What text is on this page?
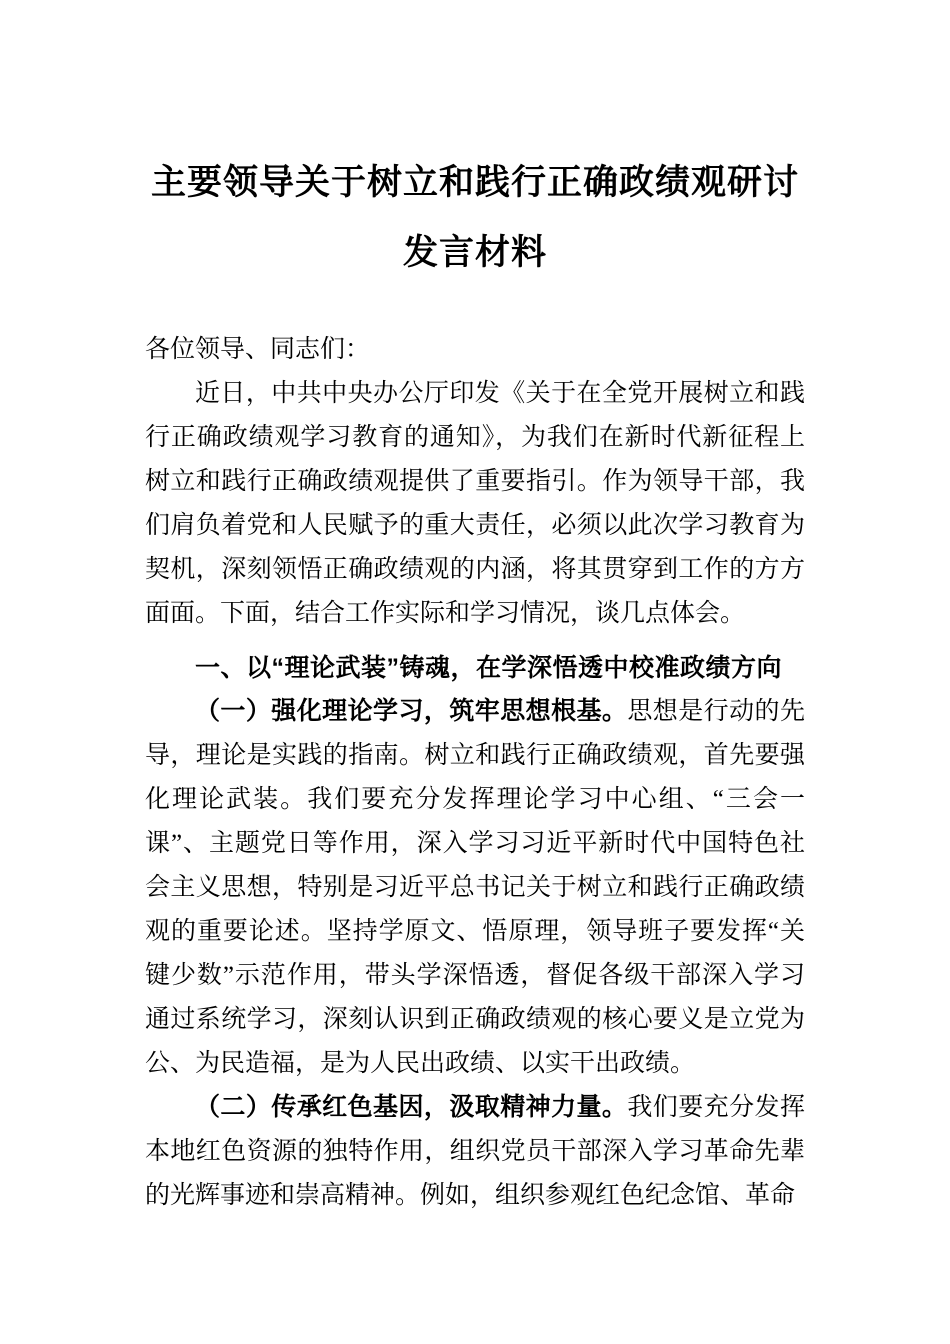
主要领导关于树立和践行正确政绩观研讨
发言材料

各位领导、同志们：

近日，中共中央办公厅印发《关于在全党开展树立和践行正确政绩观学习教育的通知》，为我们在新时代新征程上树立和践行正确政绩观提供了重要指引。作为领导干部，我们肩负着党和人民赋予的重大责任，必须以此次学习教育为契机，深刻领悟正确政绩观的内涵，将其贯穿到工作的方方面面。下面，结合工作实际和学习情况，谈几点体会。

一、以“理论武装”铸魂，在学深悟透中校准政绩方向

（一）强化理论学习，筑牢思想根基。思想是行动的先导，理论是实践的指南。树立和践行正确政绩观，首先要强化理论武装。我们要充分发挥理论学习中心组、“三会一课”、主题党日等作用，深入学习习近平新时代中国特色社会主义思想，特别是习近平总书记关于树立和践行正确政绩观的重要论述。坚持学原文、悟原理，领导班子要发挥“关键少数”示范作用，带头学深悟透，督促各级干部深入学习通过系统学习，深刻认识到正确政绩观的核心要义是立党为公、为民造福，是为人民出政绩、以实干出政绩。

（二）传承红色基因，汲取精神力量。我们要充分发挥本地红色资源的独特作用，组织党员干部深入学习革命先辈的光辉事迹和崇高精神。例如，组织参观红色纪念馆、革命
